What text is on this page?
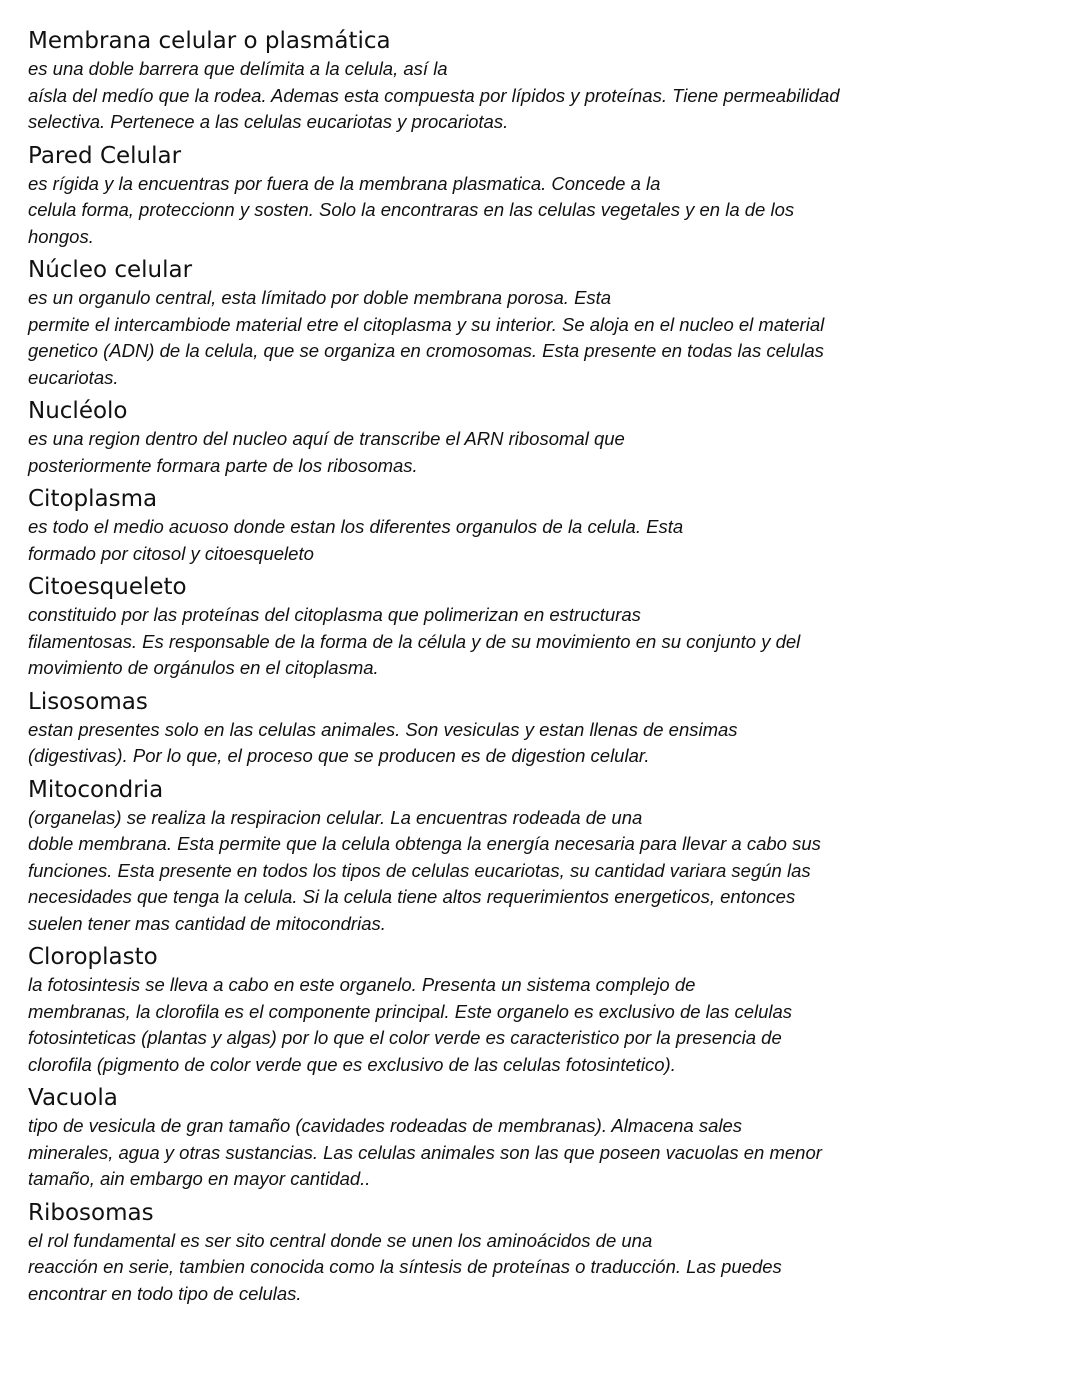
Membrana celular o plasmática
es una doble barrera que delímita a la celula, así la
aísla del medío que la rodea. Ademas esta compuesta por lípidos y proteínas. Tiene permeabilidad
selectiva. Pertenece a las celulas eucariotas y procariotas.
Pared Celular
es rígida y la encuentras por fuera de la membrana plasmatica. Concede a la
celula forma, proteccionn y sosten. Solo la encontraras en las celulas vegetales y en la de los
hongos.
Núcleo celular
es un organulo central, esta límitado por doble membrana porosa. Esta
permite el intercambiode material etre el citoplasma y su interior. Se aloja en el nucleo el material
genetico (ADN) de la celula, que se organiza en cromosomas. Esta presente en todas las celulas
eucariotas.
Nucléolo
es una region dentro del nucleo aquí de transcribe el ARN ribosomal que
posteriormente formara parte de los ribosomas.
Citoplasma
es todo el medio acuoso donde estan los diferentes organulos de la celula. Esta
formado por citosol y citoesqueleto
Citoesqueleto
constituido por las proteínas del citoplasma que polimerizan en estructuras
filamentosas. Es responsable de la forma de la célula y de su movimiento en su conjunto y del
movimiento de orgánulos en el citoplasma.
Lisosomas
estan presentes solo en las celulas animales. Son vesiculas y estan llenas de ensimas
(digestivas). Por lo que, el proceso que se producen es de digestion celular.
Mitocondria
(organelas) se realiza la respiracion celular. La encuentras rodeada de una
doble membrana. Esta permite que la celula obtenga la energía necesaria para llevar a cabo sus
funciones. Esta presente en todos los tipos de celulas eucariotas, su cantidad variara según las
necesidades que tenga la celula. Si la celula tiene altos requerimientos energeticos, entonces
suelen tener mas cantidad de mitocondrias.
Cloroplasto
la fotosintesis se lleva a cabo en este organelo. Presenta un sistema complejo de
membranas, la clorofila es el componente principal. Este organelo es exclusivo de las celulas
fotosinteticas (plantas y algas) por lo que el color verde es caracteristico por la presencia de
clorofila (pigmento de color verde que es exclusivo de las celulas fotosintetico).
Vacuola
tipo de vesicula de gran tamaño (cavidades rodeadas de membranas). Almacena sales
minerales, agua y otras sustancias. Las celulas animales son las que poseen vacuolas en menor
tamaño, ain embargo en mayor cantidad..
Ribosomas
el rol fundamental es ser sito central donde se unen los aminoácidos de una
reacción en serie, tambien conocida como la síntesis de proteínas o traducción. Las puedes
encontrar en todo tipo de celulas.
